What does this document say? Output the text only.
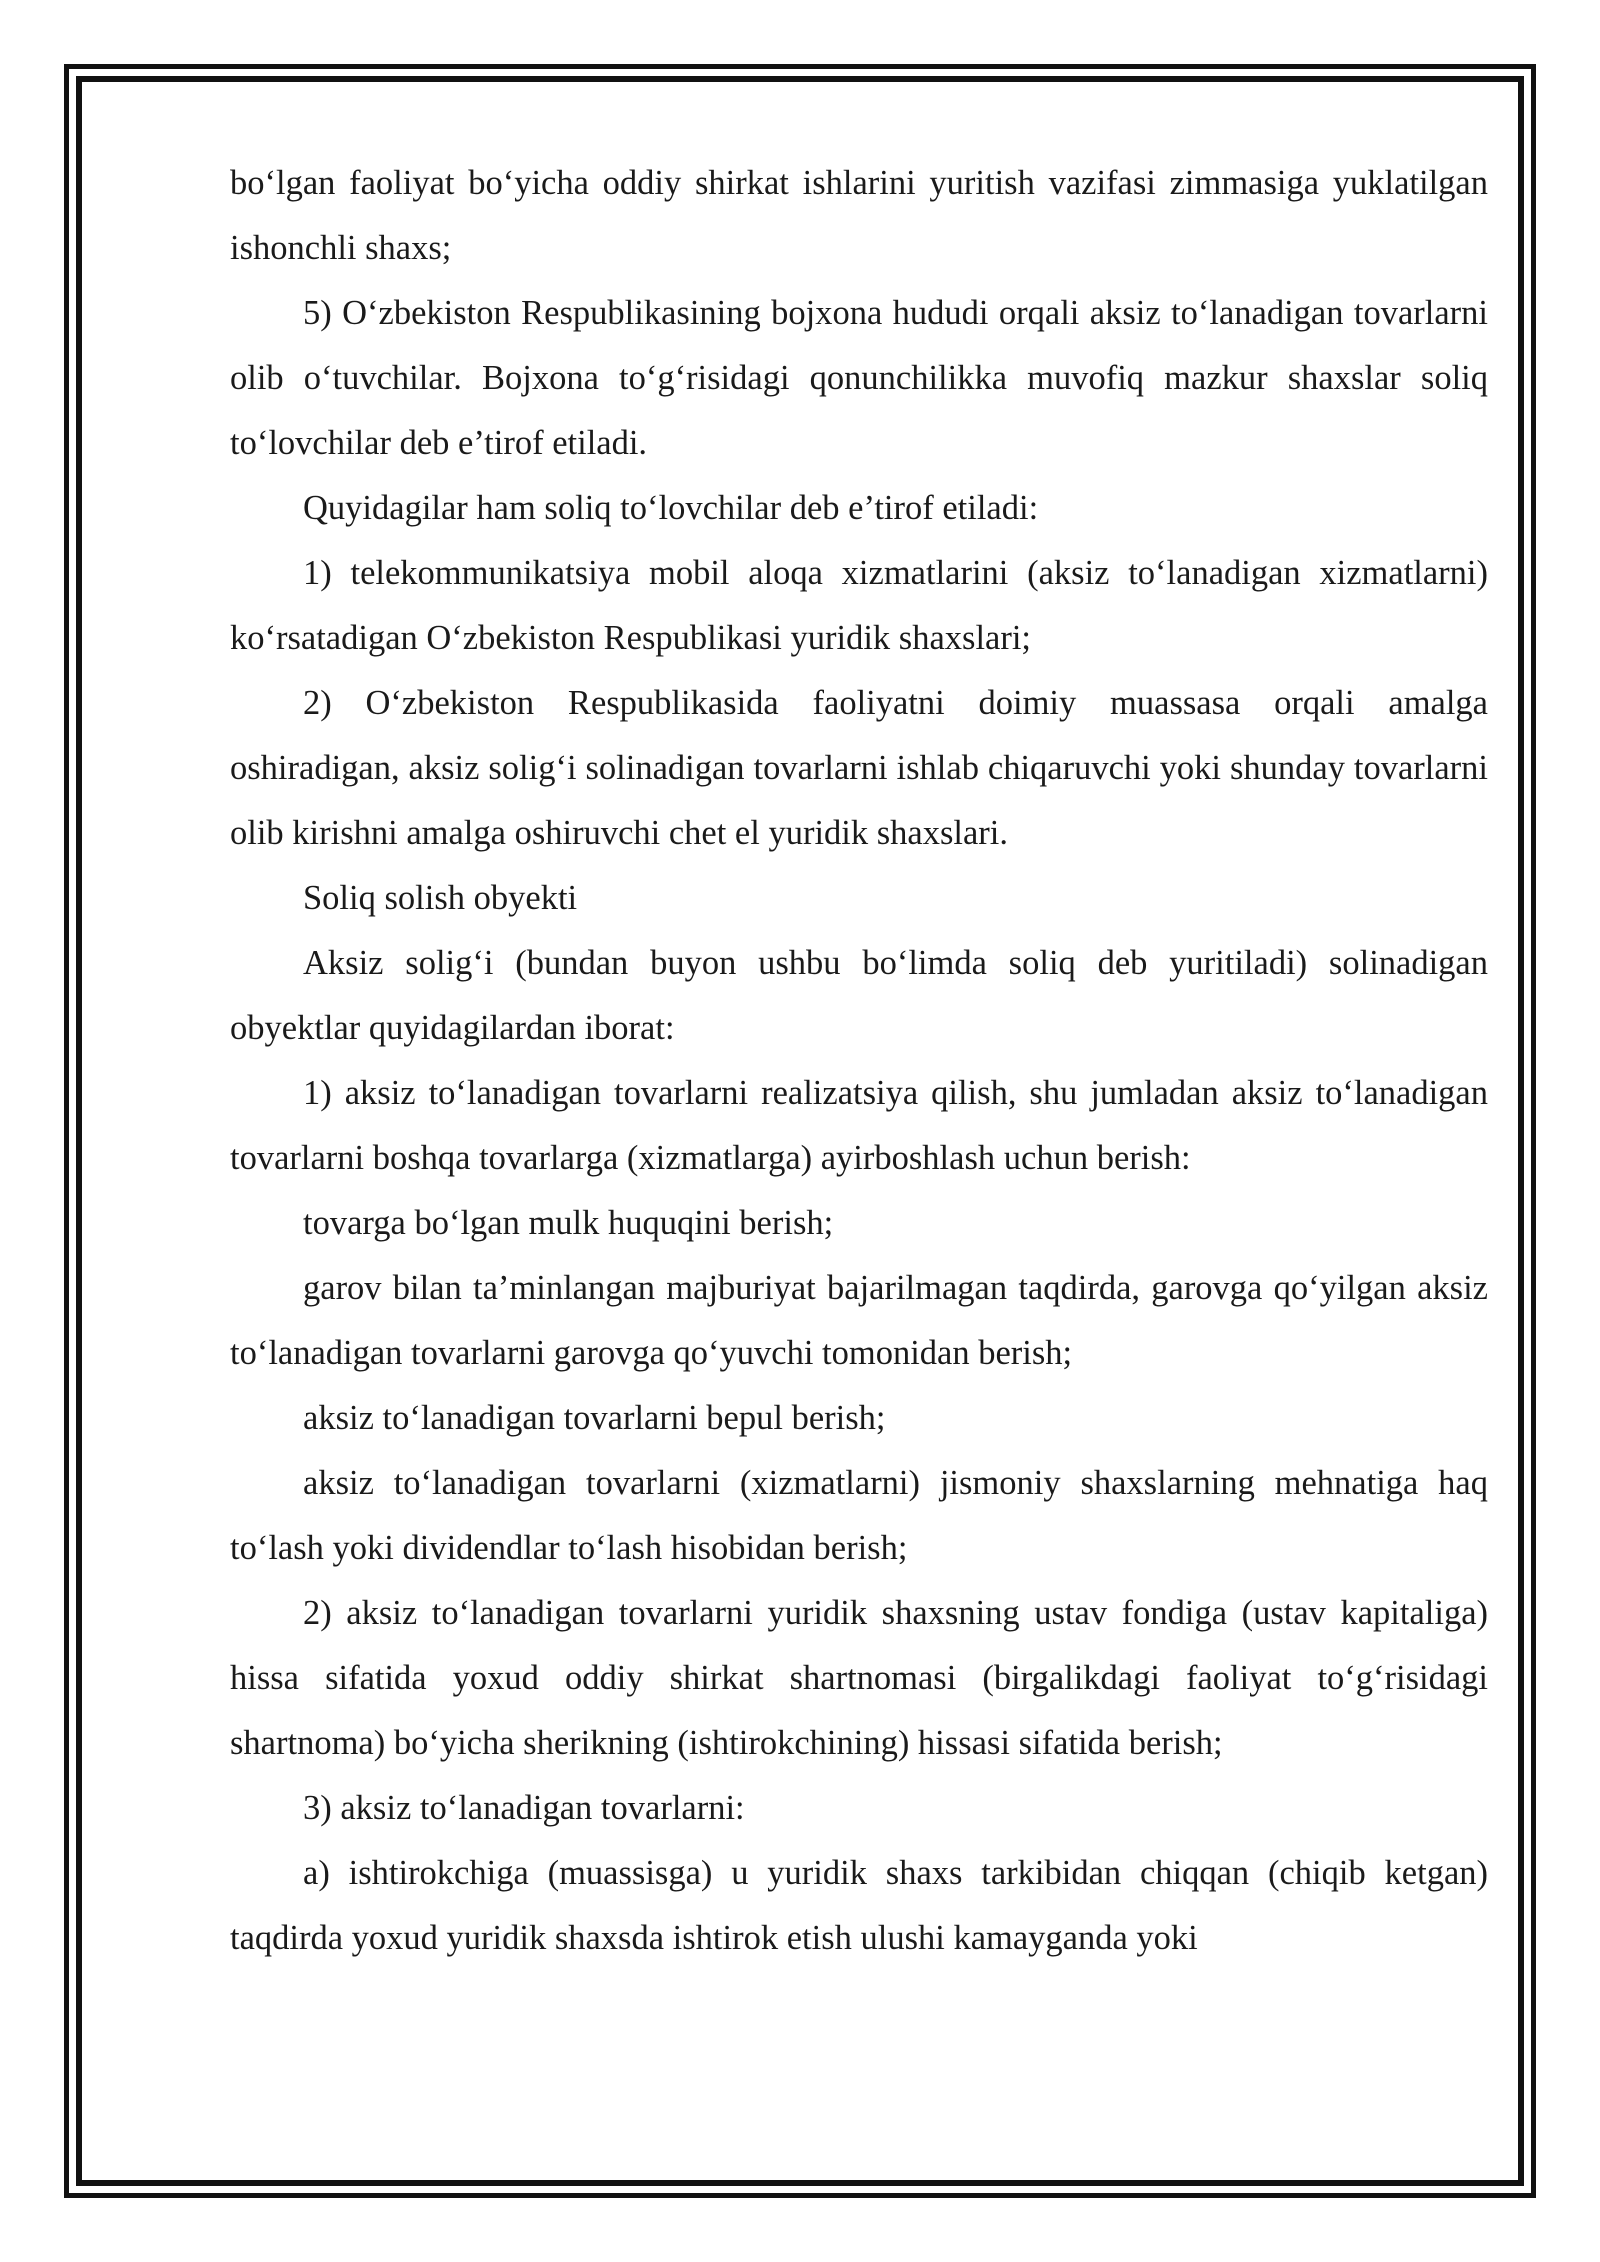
bo‘lgan faoliyat bo‘yicha oddiy shirkat ishlarini yuritish vazifasi zimmasiga yuklatilgan ishonchli shaxs;

5) O‘zbekiston Respublikasining bojxona hududi orqali aksiz to‘lanadigan tovarlarni olib o‘tuvchilar. Bojxona to‘g‘risidagi qonunchilikka muvofiq mazkur shaxslar soliq to‘lovchilar deb e’tirof etiladi.

Quyidagilar ham soliq to‘lovchilar deb e’tirof etiladi:

1) telekommunikatsiya mobil aloqa xizmatlarini (aksiz to‘lanadigan xizmatlarni) ko‘rsatadigan O‘zbekiston Respublikasi yuridik shaxslari;

2) O‘zbekiston Respublikasida faoliyatni doimiy muassasa orqali amalga oshiradigan, aksiz solig‘i solinadigan tovarlarni ishlab chiqaruvchi yoki shunday tovarlarni olib kirishni amalga oshiruvchi chet el yuridik shaxslari.

Soliq solish obyekti

Aksiz solig‘i (bundan buyon ushbu bo‘limda soliq deb yuritiladi) solinadigan obyektlar quyidagilardan iborat:

1) aksiz to‘lanadigan tovarlarni realizatsiya qilish, shu jumladan aksiz to‘lanadigan tovarlarni boshqa tovarlarga (xizmatlarga) ayirboshlash uchun berish:

tovarga bo‘lgan mulk huquqini berish;

garov bilan ta’minlangan majburiyat bajarilmagan taqdirda, garovga qo‘yilgan aksiz to‘lanadigan tovarlarni garovga qo‘yuvchi tomonidan berish;

aksiz to‘lanadigan tovarlarni bepul berish;

aksiz to‘lanadigan tovarlarni (xizmatlarni) jismoniy shaxslarning mehnatiga haq to‘lash yoki dividendlar to‘lash hisobidan berish;

2) aksiz to‘lanadigan tovarlarni yuridik shaxsning ustav fondiga (ustav kapitaliga) hissa sifatida yoxud oddiy shirkat shartnomasi (birgalikdagi faoliyat to‘g‘risidagi shartnoma) bo‘yicha sherikning (ishtirokchining) hissasi sifatida berish;

3) aksiz to‘lanadigan tovarlarni:

a) ishtirokchiga (muassisga) u yuridik shaxs tarkibidan chiqqan (chiqib ketgan) taqdirda yoxud yuridik shaxsda ishtirok etish ulushi kamayganda yoki
